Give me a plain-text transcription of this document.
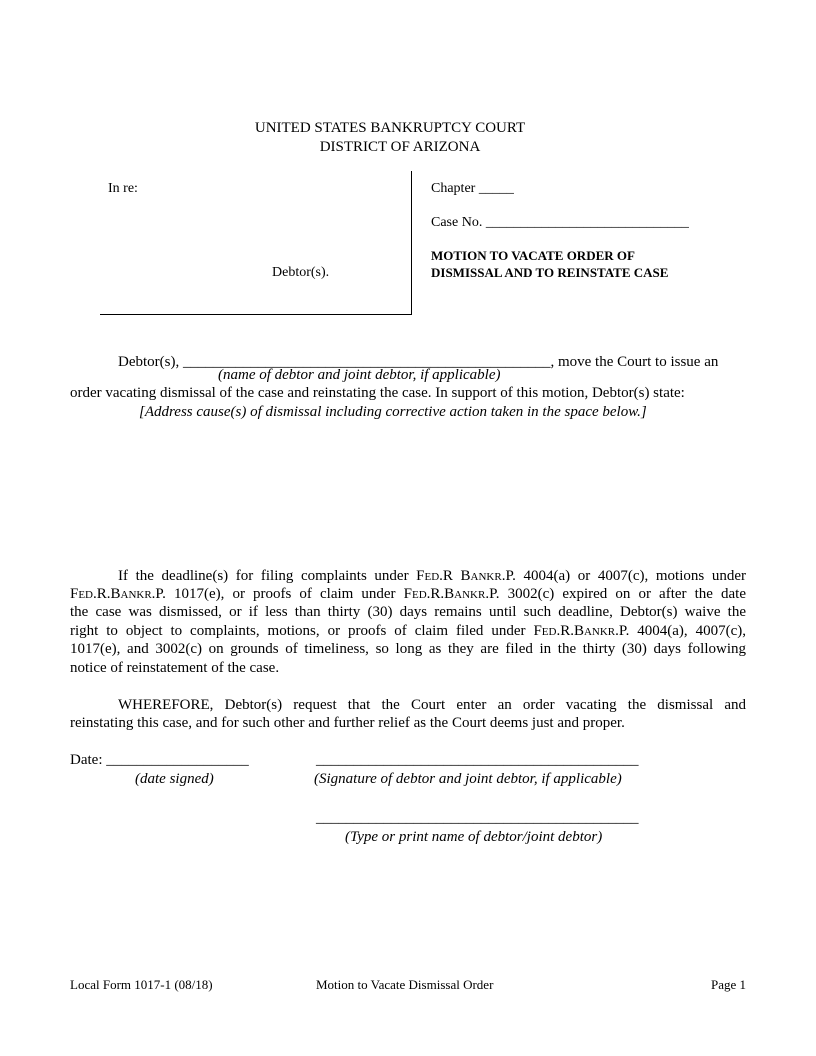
UNITED STATES BANKRUPTCY COURT
DISTRICT OF ARIZONA
In re:
Debtor(s).
Chapter _____
Case No. _____________________________
MOTION TO VACATE ORDER OF
DISMISSAL AND TO REINSTATE CASE
Debtor(s), _________________________________________________, move the Court to issue an
(name of debtor and joint debtor, if applicable)
order vacating dismissal of the case and reinstating the case. In support of this motion, Debtor(s) state:
[Address cause(s) of dismissal including corrective action taken in the space below.]
If the deadline(s) for filing complaints under Fed.R Bankr.P. 4004(a) or 4007(c), motions under
Fed.R.Bankr.P. 1017(e), or proofs of claim under Fed.R.Bankr.P. 3002(c) expired on or after the date
the case was dismissed, or if less than thirty (30) days remains until such deadline, Debtor(s) waive the
right to object to complaints, motions, or proofs of claim filed under Fed.R.Bankr.P. 4004(a), 4007(c),
1017(e), and 3002(c) on grounds of timeliness, so long as they are filed in the thirty (30) days following
notice of reinstatement of the case.
WHEREFORE, Debtor(s) request that the Court enter an order vacating the dismissal and
reinstating this case, and for such other and further relief as the Court deems just and proper.
Date: ___________________
(date signed)
___________________________________________
(Signature of debtor and joint debtor, if applicable)
___________________________________________
(Type or print name of debtor/joint debtor)
Local Form 1017-1 (08/18)	Motion to Vacate Dismissal Order	Page 1
